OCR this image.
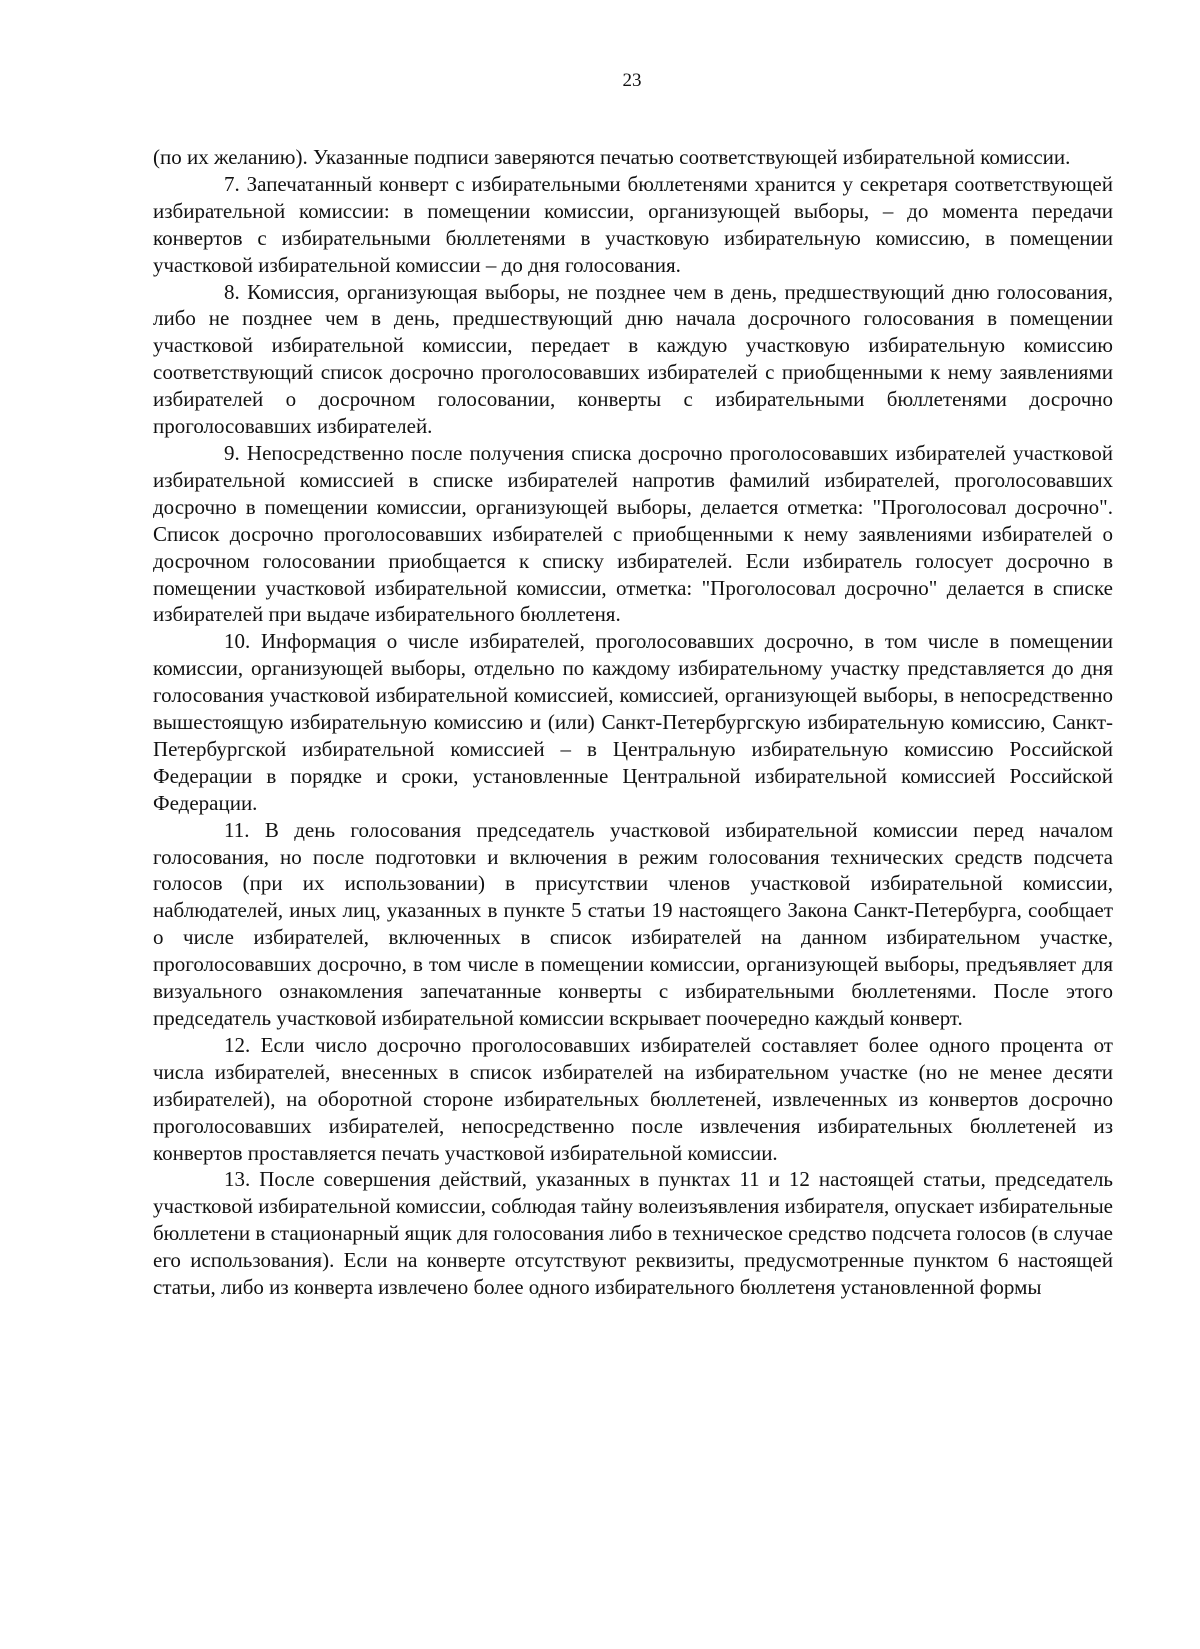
23

(по их желанию). Указанные подписи заверяются печатью соответствующей избирательной комиссии.

7. Запечатанный конверт с избирательными бюллетенями хранится у секретаря соответствующей избирательной комиссии: в помещении комиссии, организующей выборы, – до момента передачи конвертов с избирательными бюллетенями в участковую избирательную комиссию, в помещении участковой избирательной комиссии – до дня голосования.

8. Комиссия, организующая выборы, не позднее чем в день, предшествующий дню голосования, либо не позднее чем в день, предшествующий дню начала досрочного голосования в помещении участковой избирательной комиссии, передает в каждую участковую избирательную комиссию соответствующий список досрочно проголосовавших избирателей с приобщенными к нему заявлениями избирателей о досрочном голосовании, конверты с избирательными бюллетенями досрочно проголосовавших избирателей.

9. Непосредственно после получения списка досрочно проголосовавших избирателей участковой избирательной комиссией в списке избирателей напротив фамилий избирателей, проголосовавших досрочно в помещении комиссии, организующей выборы, делается отметка: "Проголосовал досрочно". Список досрочно проголосовавших избирателей с приобщенными к нему заявлениями избирателей о досрочном голосовании приобщается к списку избирателей. Если избиратель голосует досрочно в помещении участковой избирательной комиссии, отметка: "Проголосовал досрочно" делается в списке избирателей при выдаче избирательного бюллетеня.

10. Информация о числе избирателей, проголосовавших досрочно, в том числе в помещении комиссии, организующей выборы, отдельно по каждому избирательному участку представляется до дня голосования участковой избирательной комиссией, комиссией, организующей выборы, в непосредственно вышестоящую избирательную комиссию и (или) Санкт-Петербургскую избирательную комиссию, Санкт-Петербургской избирательной комиссией – в Центральную избирательную комиссию Российской Федерации в порядке и сроки, установленные Центральной избирательной комиссией Российской Федерации.

11. В день голосования председатель участковой избирательной комиссии перед началом голосования, но после подготовки и включения в режим голосования технических средств подсчета голосов (при их использовании) в присутствии членов участковой избирательной комиссии, наблюдателей, иных лиц, указанных в пункте 5 статьи 19 настоящего Закона Санкт-Петербурга, сообщает о числе избирателей, включенных в список избирателей на данном избирательном участке, проголосовавших досрочно, в том числе в помещении комиссии, организующей выборы, предъявляет для визуального ознакомления запечатанные конверты с избирательными бюллетенями. После этого председатель участковой избирательной комиссии вскрывает поочередно каждый конверт.

12. Если число досрочно проголосовавших избирателей составляет более одного процента от числа избирателей, внесенных в список избирателей на избирательном участке (но не менее десяти избирателей), на оборотной стороне избирательных бюллетеней, извлеченных из конвертов досрочно проголосовавших избирателей, непосредственно после извлечения избирательных бюллетеней из конвертов проставляется печать участковой избирательной комиссии.

13. После совершения действий, указанных в пунктах 11 и 12 настоящей статьи, председатель участковой избирательной комиссии, соблюдая тайну волеизъявления избирателя, опускает избирательные бюллетени в стационарный ящик для голосования либо в техническое средство подсчета голосов (в случае его использования). Если на конверте отсутствуют реквизиты, предусмотренные пунктом 6 настоящей статьи, либо из конверта извлечено более одного избирательного бюллетеня установленной формы
